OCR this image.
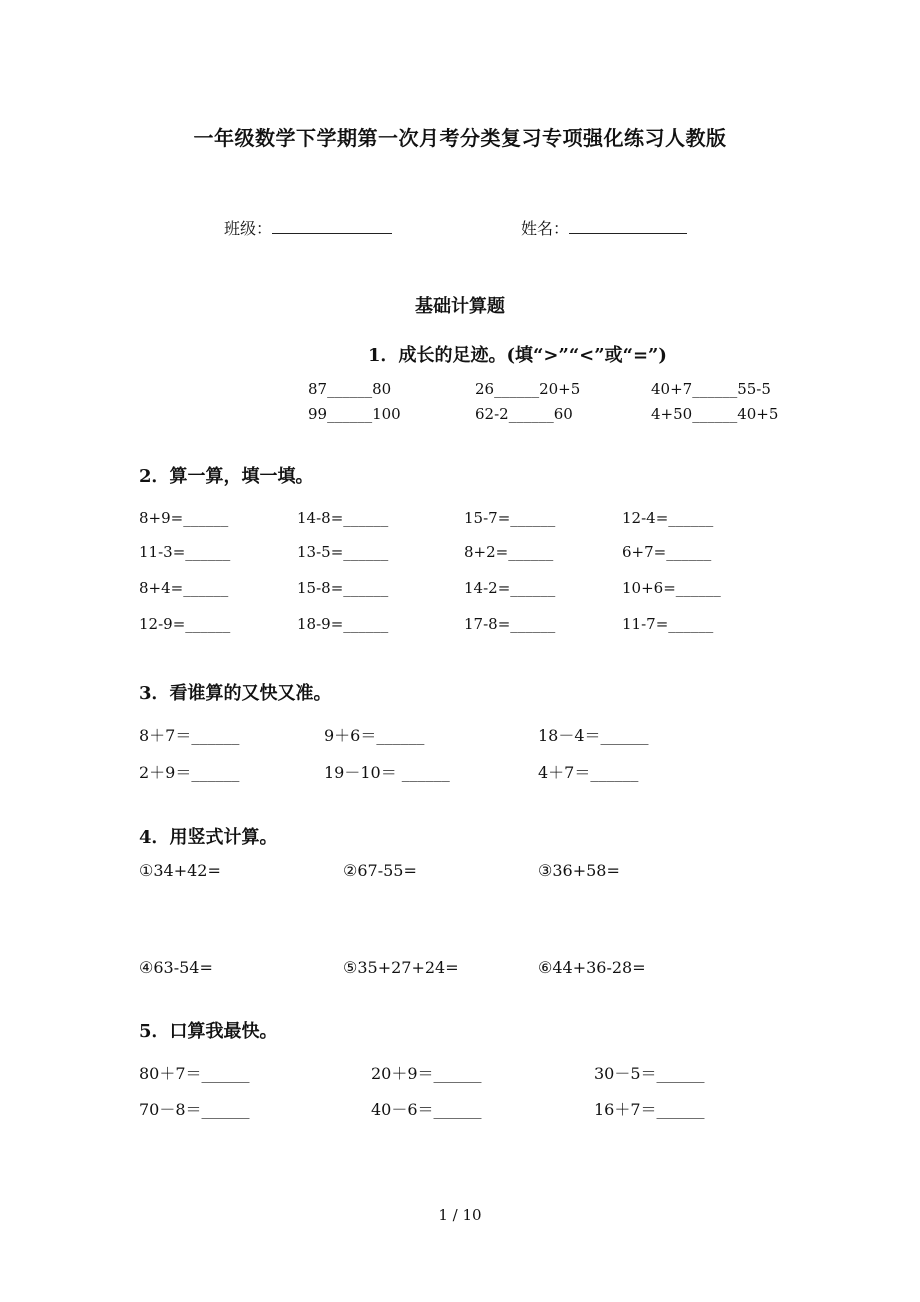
一年级数学下学期第一次月考分类复习专项强化练习人教版
班级：	姓名：
基础计算题
1．成长的足迹。(填“>”“<”或“=”)
87______80	26______20+5	40+7______55-5
99______100	62-2______60	4+50______40+5
2．算一算，填一填。
8+9=______	14-8=______	15-7=______	12-4=______
11-3=______	13-5=______	8+2=______	6+7=______
8+4=______	15-8=______	14-2=______	10+6=______
12-9=______	18-9=______	17-8=______	11-7=______
3．看谁算的又快又准。
8＋7＝______	9＋6＝______	18－4＝______
2＋9＝______	19－10＝ ______	4＋7＝______
4．用竖式计算。
①34+42=	②67-55=	③36+58=
④63-54=	⑤35+27+24=	⑥44+36-28=
5．口算我最快。
80＋7＝______	20＋9＝______	30－5＝______
70－8＝______	40－6＝______	16＋7＝______
1 / 10
